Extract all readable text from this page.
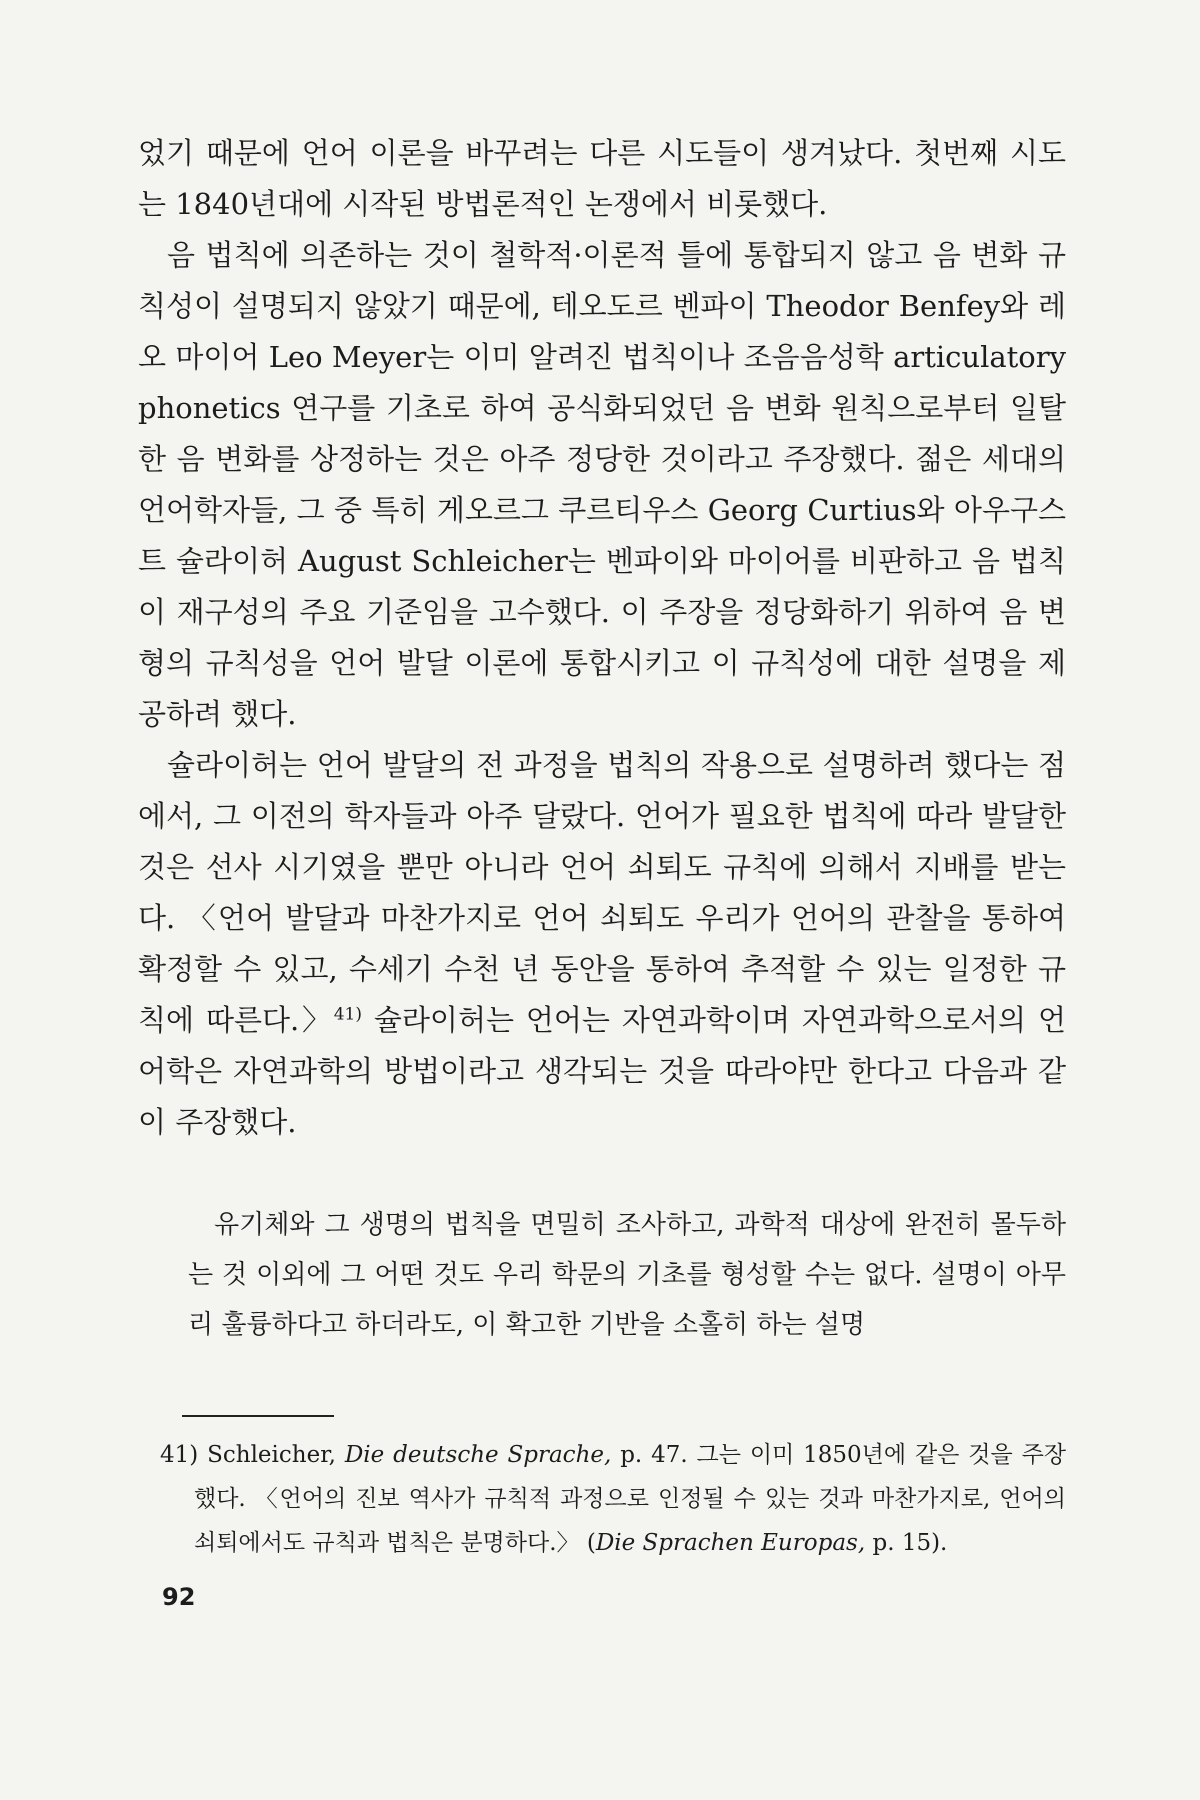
었기 때문에 언어 이론을 바꾸려는 다른 시도들이 생겨났다. 첫번째 시도는 1840년대에 시작된 방법론적인 논쟁에서 비롯했다.

음 법칙에 의존하는 것이 철학적·이론적 틀에 통합되지 않고 음 변화 규칙성이 설명되지 않았기 때문에, 테오도르 벤파이 Theodor Benfey와 레오 마이어 Leo Meyer는 이미 알려진 법칙이나 조음음성학 articulatory phonetics 연구를 기초로 하여 공식화되었던 음 변화 원칙으로부터 일탈한 음 변화를 상정하는 것은 아주 정당한 것이라고 주장했다. 젊은 세대의 언어학자들, 그 중 특히 게오르그 쿠르티우스 Georg Curtius와 아우구스트 슐라이허 August Schleicher는 벤파이와 마이어를 비판하고 음 법칙이 재구성의 주요 기준임을 고수했다. 이 주장을 정당화하기 위하여 음 변형의 규칙성을 언어 발달 이론에 통합시키고 이 규칙성에 대한 설명을 제공하려 했다.

슐라이허는 언어 발달의 전 과정을 법칙의 작용으로 설명하려 했다는 점에서, 그 이전의 학자들과 아주 달랐다. 언어가 필요한 법칙에 따라 발달한 것은 선사 시기였을 뿐만 아니라 언어 쇠퇴도 규칙에 의해서 지배를 받는다. 〈언어 발달과 마찬가지로 언어 쇠퇴도 우리가 언어의 관찰을 통하여 확정할 수 있고, 수세기 수천 년 동안을 통하여 추적할 수 있는 일정한 규칙에 따른다.〉$^{41)}$ 슐라이허는 언어는 자연과학이며 자연과학으로서의 언어학은 자연과학의 방법이라고 생각되는 것을 따라야만 한다고 다음과 같이 주장했다.

유기체와 그 생명의 법칙을 면밀히 조사하고, 과학적 대상에 완전히 몰두하는 것 이외에 그 어떤 것도 우리 학문의 기초를 형성할 수는 없다. 설명이 아무리 훌륭하다고 하더라도, 이 확고한 기반을 소홀히 하는 설명

41) Schleicher, Die deutsche Sprache, p. 47. 그는 이미 1850년에 같은 것을 주장했다. 〈언어의 진보 역사가 규칙적 과정으로 인정될 수 있는 것과 마찬가지로, 언어의 쇠퇴에서도 규칙과 법칙은 분명하다.〉 (Die Sprachen Europas, p. 15).

92
